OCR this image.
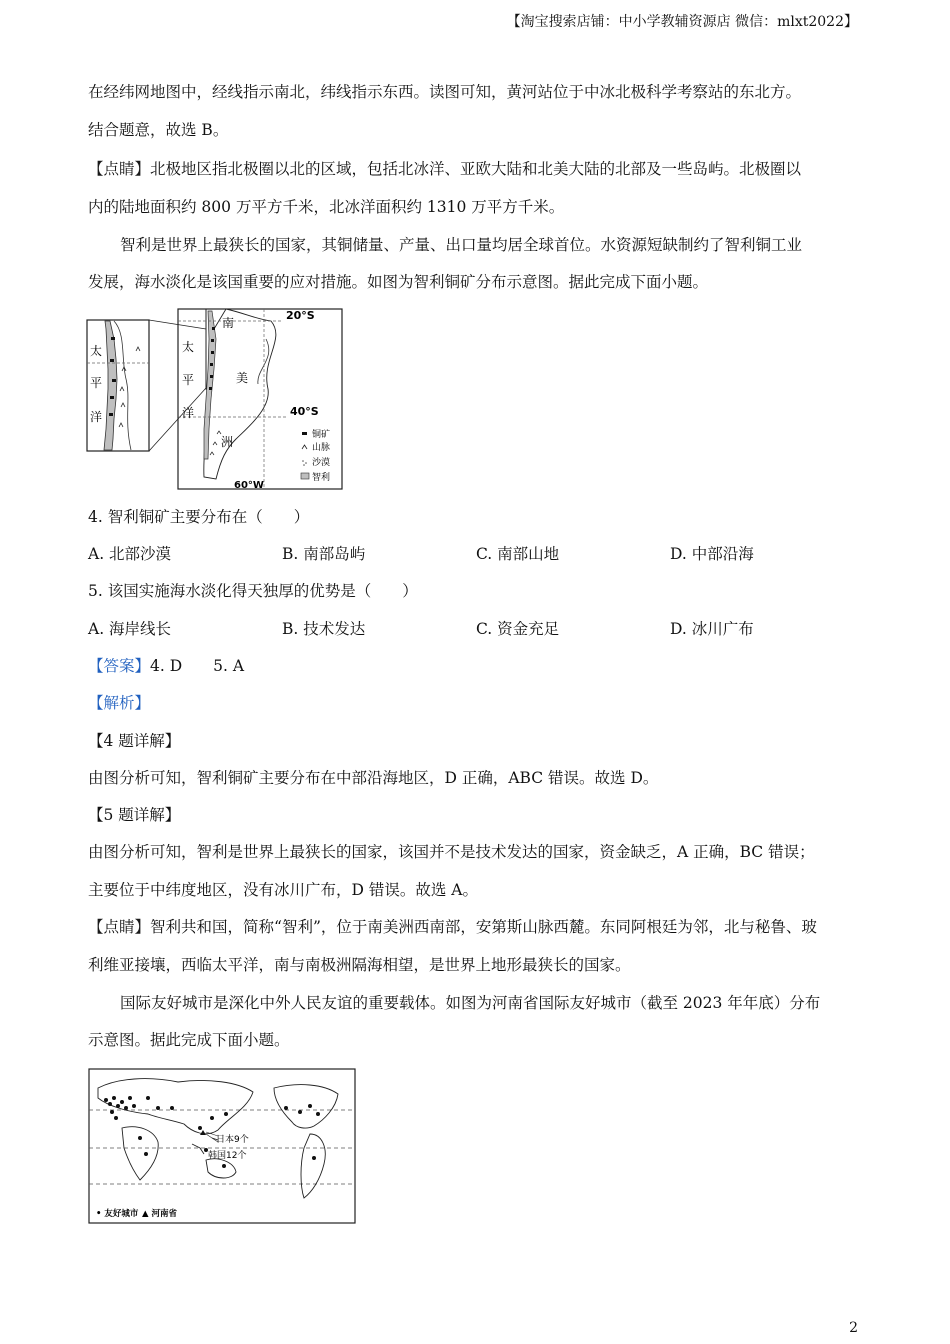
【淘宝搜索店铺：中小学教辅资源店 微信：mlxt2022】
在经纬网地图中，经线指示南北，纬线指示东西。读图可知，黄河站位于中冰北极科学考察站的东北方。
结合题意，故选 B。
【点睛】北极地区指北极圈以北的区域，包括北冰洋、亚欧大陆和北美大陆的北部及一些岛屿。北极圈以
内的陆地面积约 800 万平方千米，北冰洋面积约 1310 万平方千米。
智利是世界上最狭长的国家，其铜储量、产量、出口量均居全球首位。水资源短缺制约了智利铜工业
发展，海水淡化是该国重要的应对措施。如图为智利铜矿分布示意图。据此完成下面小题。
太
平
洋
南
美
洲
太
平
洋
20°S
40°S
60°W
铜矿
山脉
沙漠
智利
4. 智利铜矿主要分布在（　　）
A. 北部沙漠	B. 南部岛屿	C. 南部山地	D. 中部沿海
5. 该国实施海水淡化得天独厚的优势是（　　）
A. 海岸线长	B. 技术发达	C. 资金充足	D. 冰川广布
【答案】4. D　　5. A
【解析】
【4 题详解】
由图分析可知，智利铜矿主要分布在中部沿海地区，D 正确，ABC 错误。故选 D。
【5 题详解】
由图分析可知，智利是世界上最狭长的国家，该国并不是技术发达的国家，资金缺乏，A 正确，BC 错误；
主要位于中纬度地区，没有冰川广布，D 错误。故选 A。
【点睛】智利共和国，简称“智利”，位于南美洲西南部，安第斯山脉西麓。东同阿根廷为邻，北与秘鲁、玻
利维亚接壤，西临太平洋，南与南极洲隔海相望，是世界上地形最狭长的国家。
国际友好城市是深化中外人民友谊的重要载体。如图为河南省国际友好城市（截至 2023 年年底）分布
示意图。据此完成下面小题。
日本9个
韩国12个
• 友好城市 ▲ 河南省
2
